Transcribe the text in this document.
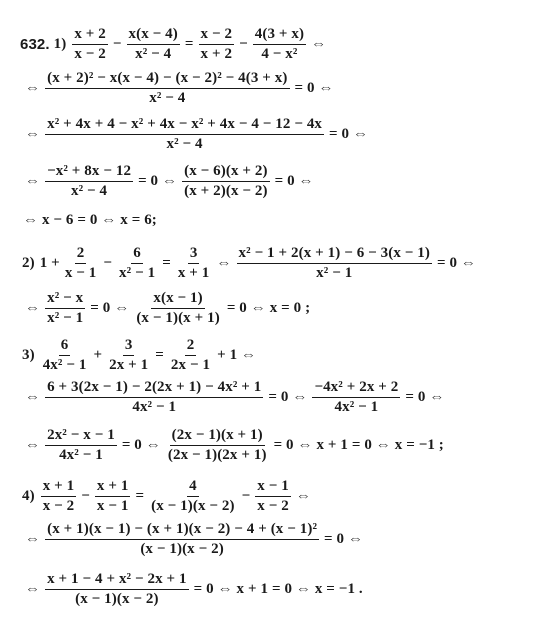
632. $1) \frac{x + 2}{x - 2} - \frac{x(x - 4)}{\text{x² − 4}} = \frac{x - 2}{x + 2} - \frac{4(3 + x)}{\text{4 − x²}}$ ⇔
⇔ $\frac{\text{(x + 2)² − x(x − 4) − (x − 2)² − 4(3 + x)}}{\text{x² − 4}} = 0$ ⇔
⇔ $\frac{\text{x² + 4x + 4 − x² + 4x − x² + 4x − 4 − 12 − 4x}}{\text{x² − 4}} = 0$ ⇔
⇔ $\frac{\text{−x² + 8x − 12}}{\text{x² − 4}} = 0$ ⇔ $\frac{(x - 6)(x + 2)}{(x + 2)(x - 2)} = 0$ ⇔
⇔ x − 6 = 0 ⇔ x = 6;
2) $1 + \frac{2}{x - 1} - \frac{6}{\text{x² − 1}} = \frac{3}{x + 1}$ ⇔ $\frac{\text{x² − 1 + 2(x + 1) − 6 − 3(x − 1)}}{\text{x² − 1}} = 0$ ⇔
⇔ $\frac{\text{x² − x}}{\text{x² − 1}} = 0$ ⇔ $\frac{x(x - 1)}{(x - 1)(x + 1)} = 0$ ⇔ x = 0 ;
$3) \frac{6}{\text{4x² − 1}} + \frac{3}{2x + 1} = \frac{2}{2x - 1} + 1$ ⇔
⇔ $\frac{\text{6 + 3(2x − 1) − 2(2x + 1) − 4x² + 1}}{\text{4x² − 1}} = 0$ ⇔ $\frac{\text{−4x² + 2x + 2}}{\text{4x² − 1}} = 0$ ⇔
⇔ $\frac{\text{2x² − x − 1}}{\text{4x² − 1}} = 0$ ⇔ $\frac{(2x - 1)(x + 1)}{(2x - 1)(2x + 1)} = 0$ ⇔ x + 1 = 0 ⇔ x = −1 ;
$4) \frac{x + 1}{x - 2} - \frac{x + 1}{x - 1} = \frac{4}{(x - 1)(x - 2)} - \frac{x - 1}{x - 2}$ ⇔
⇔ $\frac{\text{(x + 1)(x − 1) − (x + 1)(x − 2) − 4 + (x − 1)²}}{(x - 1)(x - 2)} = 0$ ⇔
⇔ $\frac{\text{x + 1 − 4 + x² − 2x + 1}}{(x - 1)(x - 2)} = 0$ ⇔ x + 1 = 0 ⇔ x = −1 .
